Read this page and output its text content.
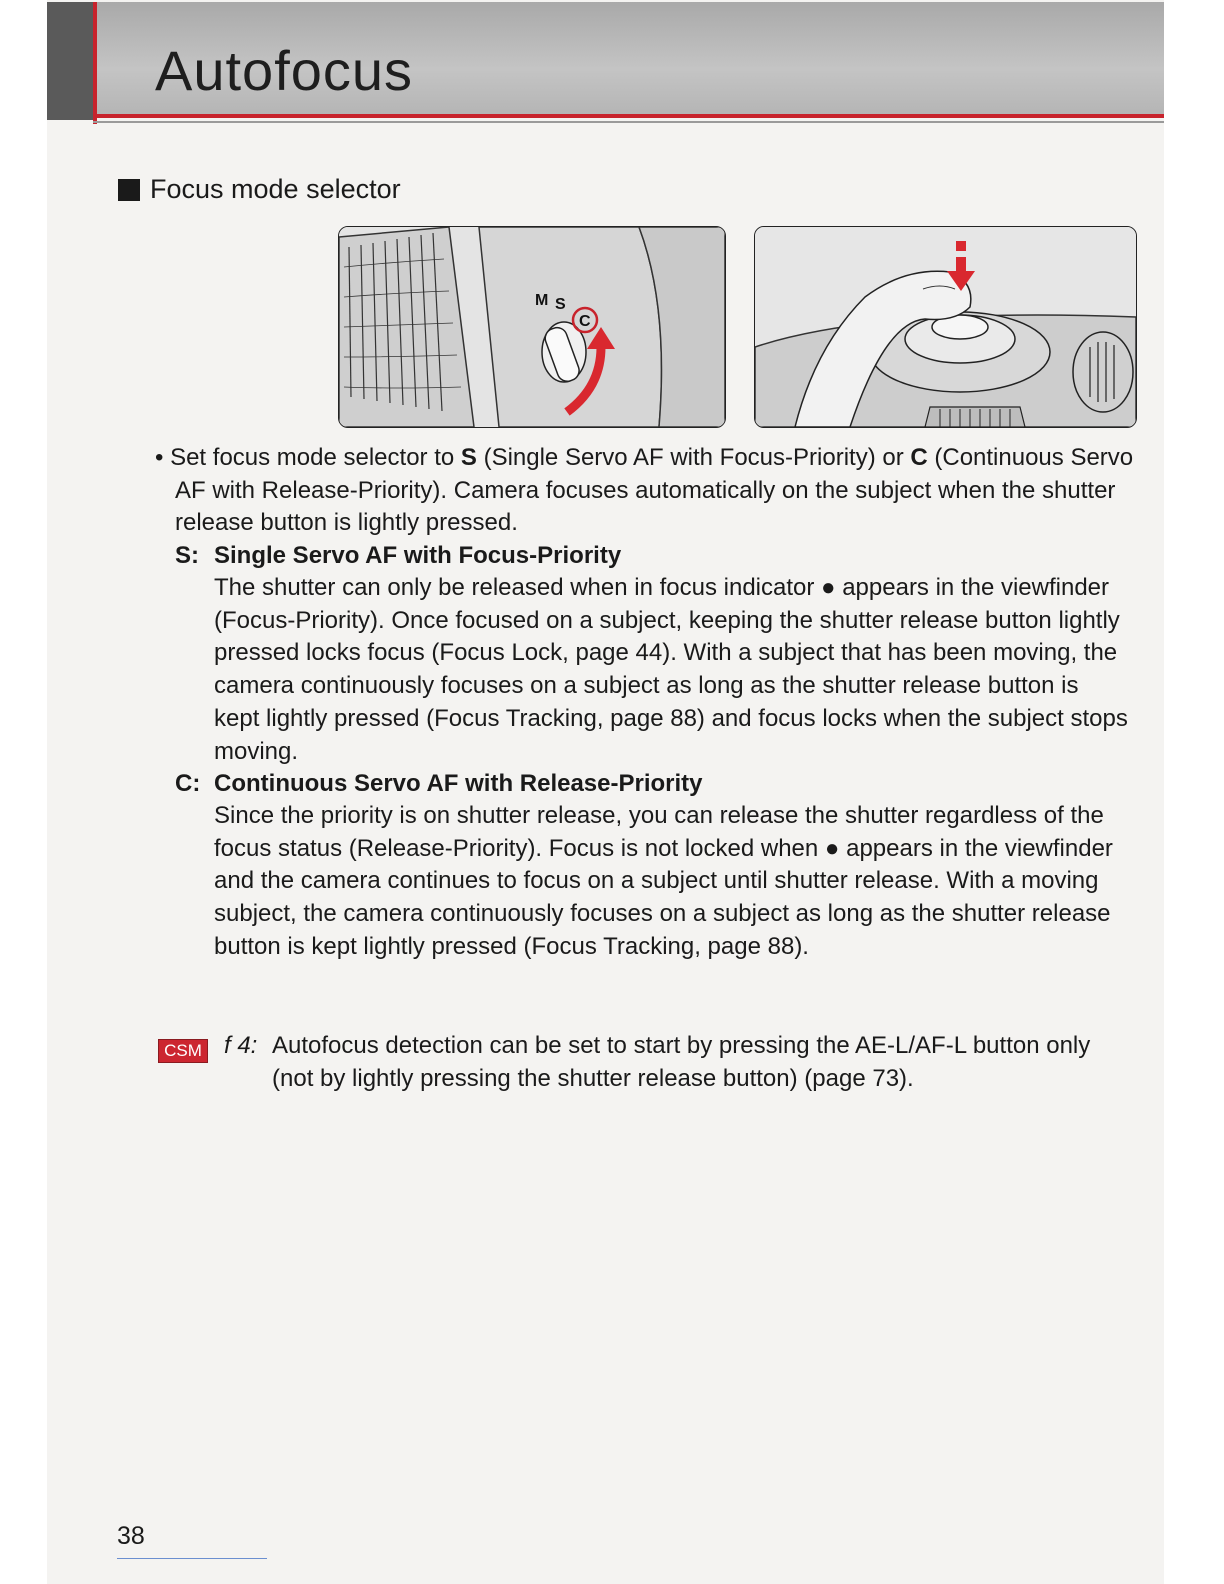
Autofocus
Focus mode selector
M S
C

• Set focus mode selector to S (Single Servo AF with Focus-Priority) or C (Continuous Servo AF with Release-Priority). Camera focuses automatically on the subject when the shutter release button is lightly pressed.

S: Single Servo AF with Focus-Priority

The shutter can only be released when in focus indicator ● appears in the viewfinder (Focus-Priority). Once focused on a subject, keeping the shutter release button lightly pressed locks focus (Focus Lock, page 44). With a subject that has been moving, the camera continuously focuses on a subject as long as the shutter release button is kept lightly pressed (Focus Tracking, page 88) and focus locks when the subject stops moving.

C: Continuous Servo AF with Release-Priority

Since the priority is on shutter release, you can release the shutter regardless of the focus status (Release-Priority). Focus is not locked when ● appears in the viewfinder and the camera continues to focus on a subject until shutter release. With a moving subject, the camera continuously focuses on a subject as long as the shutter release button is kept lightly pressed (Focus Tracking, page 88).

CSM f 4: Autofocus detection can be set to start by pressing the AE-L/AF-L button only (not by lightly pressing the shutter release button) (page 73).

38
